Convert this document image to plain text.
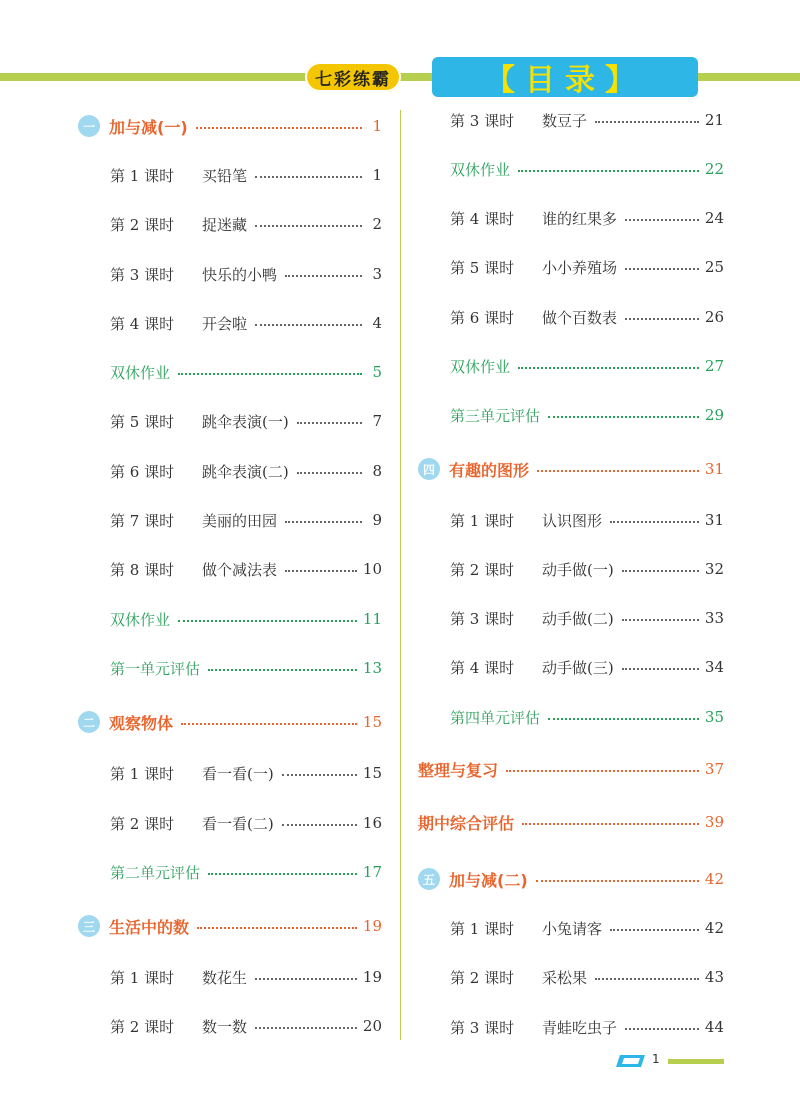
七彩练霸	【目录】
一 加与减(一)	1
第 1 课时	买铅笔	1
第 2 课时	捉迷藏	2
第 3 课时	快乐的小鸭	3
第 4 课时	开会啦	4
双休作业	5
第 5 课时	跳伞表演(一)	7
第 6 课时	跳伞表演(二)	8
第 7 课时	美丽的田园	9
第 8 课时	做个减法表	10
双休作业	11
第一单元评估	13
二 观察物体	15
第 1 课时	看一看(一)	15
第 2 课时	看一看(二)	16
第二单元评估	17
三 生活中的数	19
第 1 课时	数花生	19
第 2 课时	数一数	20
第 3 课时	数豆子	21
双休作业	22
第 4 课时	谁的红果多	24
第 5 课时	小小养殖场	25
第 6 课时	做个百数表	26
双休作业	27
第三单元评估	29
四 有趣的图形	31
第 1 课时	认识图形	31
第 2 课时	动手做(一)	32
第 3 课时	动手做(二)	33
第 4 课时	动手做(三)	34
第四单元评估	35
整理与复习	37
期中综合评估	39
五 加与减(二)	42
第 1 课时	小兔请客	42
第 2 课时	采松果	43
第 3 课时	青蛙吃虫子	44
1
